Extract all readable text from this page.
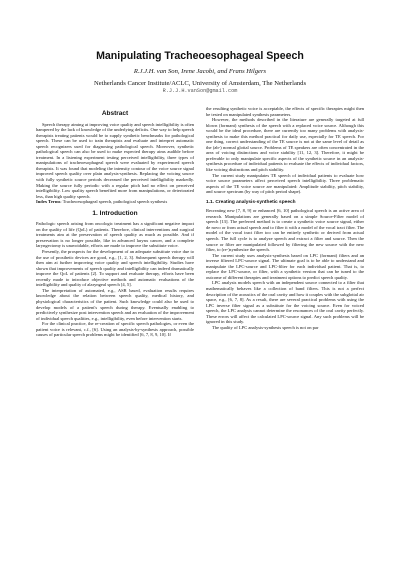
Manipulating Tracheoesophageal Speech
R.J.J.H. van Son, Irene Jacobi, and Frans Hilgers
Netherlands Cancer Institute/ACLC, University of Amsterdam, The Netherlands
R.J.J.H.vanSon@gmail.com
Abstract

Speech therapy aiming at improving voice quality and speech intelligibility is often hampered by the lack of knowledge of the underlying deficits. One way to help speech therapists treating patients would be to supply synthetic benchmarks for pathological speech. These can be used to train therapists and evaluate and interpret automatic speech recognizers used for diagnosing pathological speech. Moreover, synthetic pathological speech can also be used to make expected therapy aims audible before treatment. In a listening experiment testing perceived intelligibility, three types of manipulations of tracheoesophageal speech were evaluated by experienced speech therapists. It was found that modeling the intensity contour of the voice source signal improved speech quality over plain analysis-synthesis. Replacing the voicing source with fully synthetic source periods decreased the perceived intelligibility markedly. Making the source fully periodic with a regular pitch had no effect on perceived intelligibility. Low quality speech benefited more from manipulations, or deteriorated less, than high quality speech.

Index Terms: Tracheoesophageal speech, pathological speech synthesis

1. Introduction

Pathologic speech arising from oncologic treatment has a significant negative impact on the quality of life (QoL) of patients. Therefore, clinical interventions and surgical treatments aim at the preservation of speech quality as much as possible. And if preservation is no longer possible, like in advanced larynx cancer, and a complete laryngectomy is unavoidable, efforts are made to improve the substitute voice.

Presently, the prospects for the development of an adequate substitute voice due to the use of prosthetic devices are good, e.g., [1, 2, 3]. Subsequent speech therapy will then aim at further improving voice quality and speech intelligibility. Studies have shown that improvements of speech quality and intelligibility can indeed dramatically improve the QoL of patients [2]. To support and evaluate therapy, efforts have been recently made to introduce objective methods and automatic evaluations of the intelligibility and quality of alaryngeal speech [4, 5].

The interpretation of automated, e.g., ASR based, evaluation results requires knowledge about the relation between speech quality, medical history, and physiological characteristics of the patient. Such knowledge could also be used to develop models of a patient's speech during therapy. Eventually enabling to predictively synthesize post intervention speech and an evaluation of the improvement of individual speech qualities, e.g., intelligibility, even before intervention starts.

For the clinical practice, the re-creation of specific speech pathologies, or even the patient voice is relevant, c.f., [6]. Using an analysis-by-synthesis approach, possible causes of particular speech problems might be identified [6, 7, 8, 9, 10]. If

the resulting synthetic voice is acceptable, the effects of specific therapies might then be tested on manipulated synthesis parameters.

However, the methods described in the literature are generally targeted at full blown (formant) synthesis of the speech with a replaced voice source. Although this would be the ideal procedure, there are currently too many problems with analysis-synthesis to make this method practical for daily use, especially for TE speech. For one thing, correct understanding of the TE source is not at the same level of detail as the (ab-) normal glottal source. Problems of TE speakers are often concentrated in the area of voicing distinctions and voice stability [11, 12, 3]. Therefore, it might be preferable to only manipulate specific aspects of the synthetic source in an analysis-synthesis procedure of individual patients to evaluate the effects of individual factors, like voicing distinctions and pitch stability.

The current study manipulates TE speech of individual patients to evaluate how voice source parameters affect perceived speech intelligibility. Three problematic aspects of the TE voice source are manipulated: Amplitude stability, pitch stability, and source spectrum (by way of pitch period shape).

1.1. Creating analysis-synthetic speech

Recreating new [7, 8, 9] or enhanced [6, 10] pathological speech is an active area of research. Manipulations are generally based on a simple Source-Filter model of speech [13]. The preferred method is to create a synthetic voice source signal, either de novo or from actual speech and to filter it with a model of the vocal tract filter. The model of the vocal tract filter too can be entirely synthetic or derived from actual speech. The full cycle is to analyze speech and extract a filter and source. Then the source or filter are manipulated followed by filtering the new source with the new filter, to (re-)synthesize the speech.

The current study uses analysis-synthesis based on LPC (formant) filters and an inverse filtered LPC-source signal. The ultimate goal is to be able to understand and manipulate the LPC-source and LPC-filter for each individual patient. That is, to replace the LPC-source, or filter, with a synthetic version that can be tuned to the outcome of different therapies and treatment options to predict speech quality.

LPC analysis models speech with an independent source connected to a filter that mathematically behaves like a collection of band filters. This is not a perfect description of the acoustics of the oral cavity and how it couples with the subglottal air space, e.g., [6, 7, 8]. As a result, there are several practical problems with using the LPC inverse filter signal as a substitute for the voicing source. Even for voiced speech, the LPC analysis cannot determine the resonances of the oral cavity perfectly. These errors will affect the calculated LPC-source signal. Any such problems will be ignored in this study.

The quality of LPC analysis-synthesis speech is not on par
